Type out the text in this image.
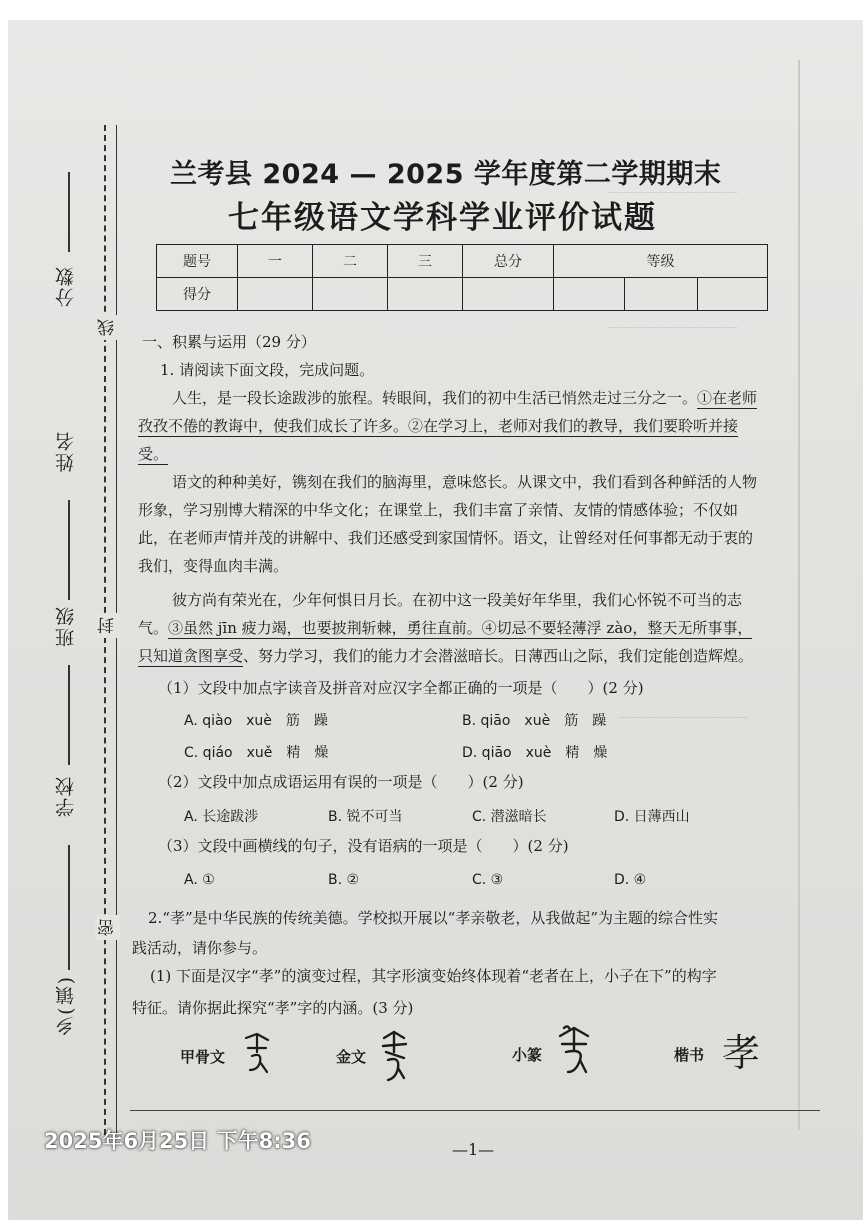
——————————
——————————
——————————
分数
姓名
班级
学校
乡(镇)
线
封
密
兰考县 2024 — 2025 学年度第二学期期末
七年级语文学科学业评价试题
题号	一	二	三	总分	等级		
得分							
一、积累与运用（29 分）
1. 请阅读下面文段，完成问题。
人生，是一段长途跋涉的旅程。转眼间，我们的初中生活已悄然走过三分之一。①在老师
孜孜不倦的教诲中，使我们成长了许多。②在学习上，老师对我们的教导，我们要聆听并接
受。
语文的种种美好，镌刻在我们的脑海里，意味悠长。从课文中，我们看到各种鲜活的人物
形象，学习别博大精深的中华文化；在课堂上，我们丰富了亲情、友情的情感体验；不仅如
此，在老师声情并茂的讲解中、我们还感受到家国情怀。语文，让曾经对任何事都无动于衷的
我们，变得血肉丰满。
彼方尚有荣光在，少年何惧日月长。在初中这一段美好年华里，我们心怀锐不可当的志
气。③虽然 jīn 疲力竭，也要披荆斩棘，勇往直前。④切忌不要轻薄浮 zào，整天无所事事，
只知道贪图享受、努力学习，我们的能力才会潜滋暗长。日薄西山之际，我们定能创造辉煌。
（1）文段中加点字读音及拼音对应汉字全都正确的一项是（　　）(2 分)
A. qiào　xuè　筋　躁	B. qiāo　xuè　筋　躁
C. qiáo　xuě　精　燥	D. qiāo　xuè　精　燥
（2）文段中加点成语运用有误的一项是（　　）(2 分)
A. 长途跋涉	B. 锐不可当	C. 潜滋暗长	D. 日薄西山
（3）文段中画横线的句子，没有语病的一项是（　　）(2 分)
A. ①	B. ②	C. ③	D. ④
2.“孝”是中华民族的传统美德。学校拟开展以“孝亲敬老，从我做起”为主题的综合性实
践活动，请你参与。
(1) 下面是汉字“孝”的演变过程，其字形演变始终体现着“老者在上，小子在下”的构字
特征。请你据此探究“孝”字的内涵。(3 分)
甲骨文	金文	小篆	楷书 孝
—1—
2025年6月25日 下午8:36
